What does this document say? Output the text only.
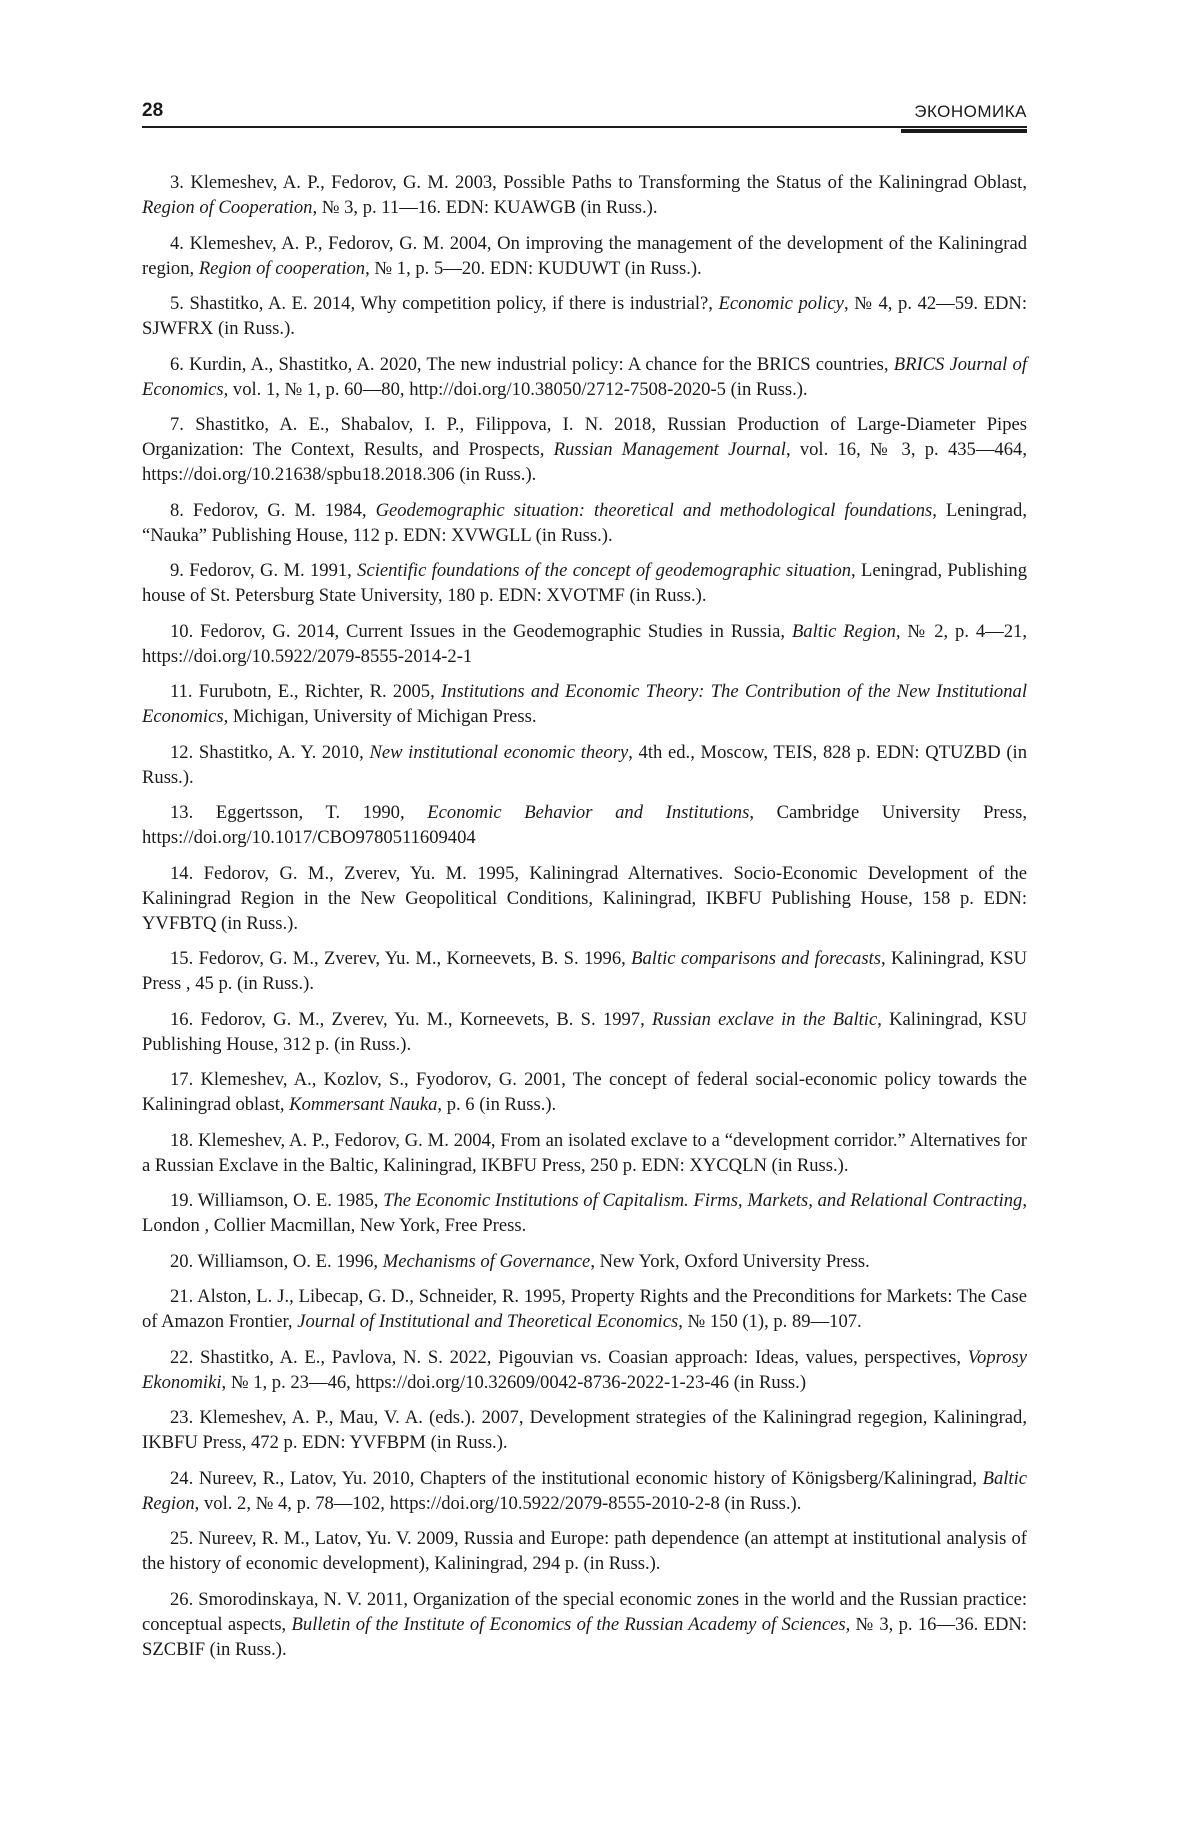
28	ЭКОНОМИКА

3. Klemeshev, A. P., Fedorov, G. M. 2003, Possible Paths to Transforming the Status of the Kaliningrad Oblast, Region of Cooperation, № 3, p. 11—16. EDN: KUAWGB (in Russ.).

4. Klemeshev, A. P., Fedorov, G. M. 2004, On improving the management of the development of the Kaliningrad region, Region of cooperation, № 1, p. 5—20. EDN: KUDUWT (in Russ.).

5. Shastitko, A. E. 2014, Why competition policy, if there is industrial?, Economic policy, № 4, p. 42—59. EDN: SJWFRX (in Russ.).

6. Kurdin, A., Shastitko, A. 2020, The new industrial policy: A chance for the BRICS countries, BRICS Journal of Economics, vol. 1, № 1, p. 60—80, http://doi.org/10.38050/2712-7508-2020-5 (in Russ.).

7. Shastitko, A. E., Shabalov, I. P., Filippova, I. N. 2018, Russian Production of Large-Diameter Pipes Organization: The Context, Results, and Prospects, Russian Management Journal, vol. 16, № 3, p. 435—464, https://doi.org/10.21638/spbu18.2018.306 (in Russ.).

8. Fedorov, G. M. 1984, Geodemographic situation: theoretical and methodological foundations, Leningrad, “Nauka” Publishing House, 112 p. EDN: XVWGLL (in Russ.).

9. Fedorov, G. M. 1991, Scientific foundations of the concept of geodemographic situation, Leningrad, Publishing house of St. Petersburg State University, 180 p. EDN: XVOTMF (in Russ.).

10. Fedorov, G. 2014, Current Issues in the Geodemographic Studies in Russia, Baltic Region, № 2, p. 4—21, https://doi.org/10.5922/2079-8555-2014-2-1

11. Furubotn, E., Richter, R. 2005, Institutions and Economic Theory: The Contribution of the New Institutional Economics, Michigan, University of Michigan Press.

12. Shastitko, A. Y. 2010, New institutional economic theory, 4th ed., Moscow, TEIS, 828 p. EDN: QTUZBD (in Russ.).

13. Eggertsson, T. 1990, Economic Behavior and Institutions, Cambridge University Press, https://doi.org/10.1017/CBO9780511609404

14. Fedorov, G. M., Zverev, Yu. M. 1995, Kaliningrad Alternatives. Socio-Economic Development of the Kaliningrad Region in the New Geopolitical Conditions, Kaliningrad, IKBFU Publishing House, 158 p. EDN: YVFBTQ (in Russ.).

15. Fedorov, G. M., Zverev, Yu. M., Korneevets, B. S. 1996, Baltic comparisons and forecasts, Kaliningrad, KSU Press , 45 p. (in Russ.).

16. Fedorov, G. M., Zverev, Yu. M., Korneevets, B. S. 1997, Russian exclave in the Baltic, Kaliningrad, KSU Publishing House, 312 p. (in Russ.).

17. Klemeshev, A., Kozlov, S., Fyodorov, G. 2001, The concept of federal social-economic policy towards the Kaliningrad oblast, Kommersant Nauka, p. 6 (in Russ.).

18. Klemeshev, A. P., Fedorov, G. M. 2004, From an isolated exclave to a “development corridor.” Alternatives for a Russian Exclave in the Baltic, Kaliningrad, IKBFU Press, 250 p. EDN: XYCQLN (in Russ.).

19. Williamson, O. E. 1985, The Economic Institutions of Capitalism. Firms, Markets, and Relational Contracting, London , Collier Macmillan, New York, Free Press.

20. Williamson, O. E. 1996, Mechanisms of Governance, New York, Oxford University Press.

21. Alston, L. J., Libecap, G. D., Schneider, R. 1995, Property Rights and the Preconditions for Markets: The Case of Amazon Frontier, Journal of Institutional and Theoretical Economics, № 150 (1), p. 89—107.

22. Shastitko, A. E., Pavlova, N. S. 2022, Pigouvian vs. Coasian approach: Ideas, values, perspectives, Voprosy Ekonomiki, № 1, p. 23—46, https://doi.org/10.32609/0042-8736-2022-1-23-46 (in Russ.)

23. Klemeshev, A. P., Mau, V. A. (eds.). 2007, Development strategies of the Kaliningrad regegion, Kaliningrad, IKBFU Press, 472 p. EDN: YVFBPM (in Russ.).

24. Nureev, R., Latov, Yu. 2010, Chapters of the institutional economic history of Königsberg/Kaliningrad, Baltic Region, vol. 2, № 4, p. 78—102, https://doi.org/10.5922/2079-8555-2010-2-8 (in Russ.).

25. Nureev, R. M., Latov, Yu. V. 2009, Russia and Europe: path dependence (an attempt at institutional analysis of the history of economic development), Kaliningrad, 294 p. (in Russ.).

26. Smorodinskaya, N. V. 2011, Organization of the special economic zones in the world and the Russian practice: conceptual aspects, Bulletin of the Institute of Economics of the Russian Academy of Sciences, № 3, p. 16—36. EDN: SZCBIF (in Russ.).
